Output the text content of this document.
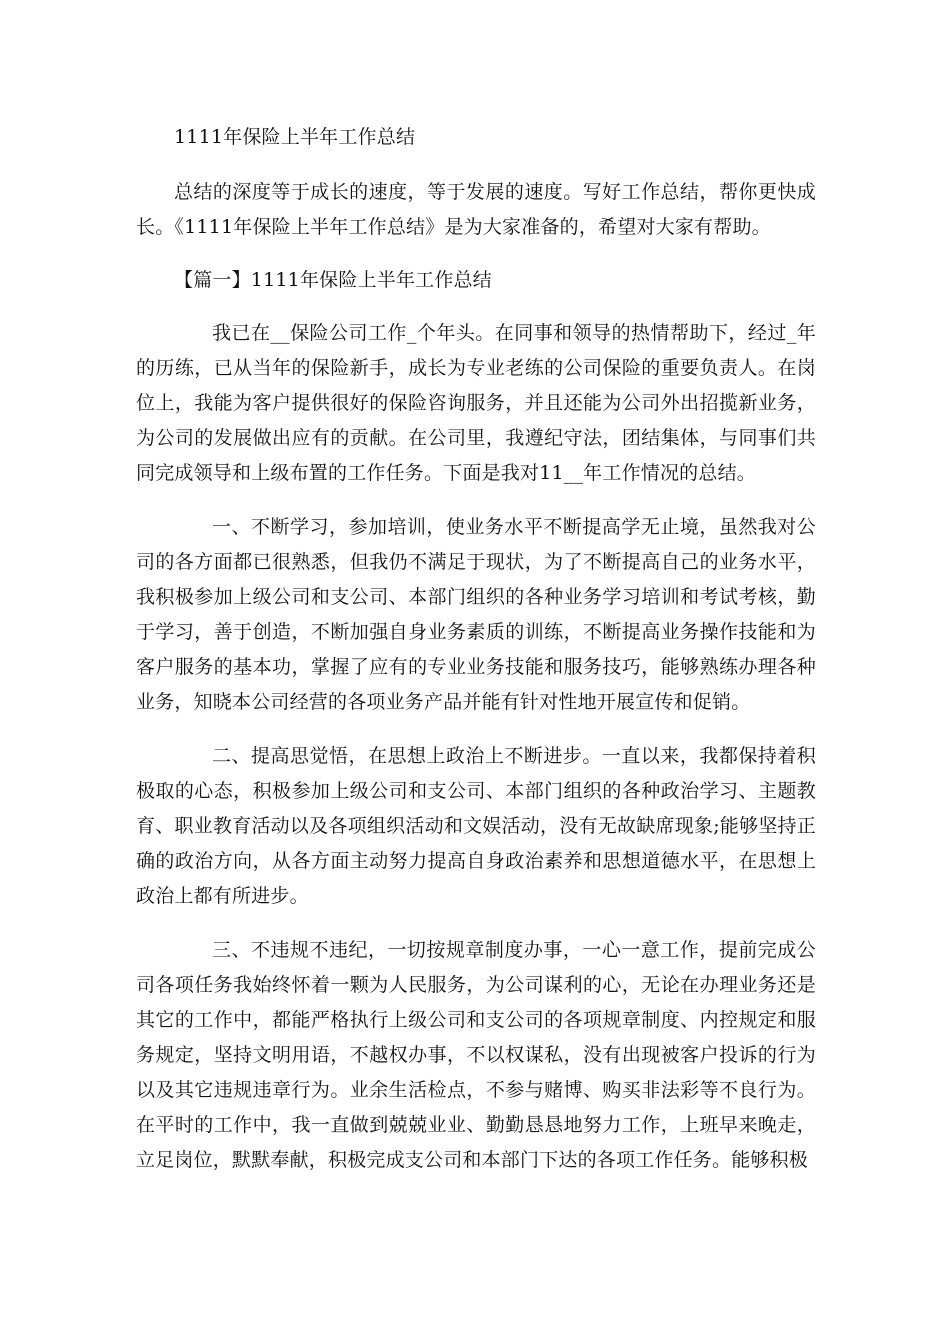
1111年保险上半年工作总结

总结的深度等于成长的速度，等于发展的速度。写好工作总结，帮你更快成长。《1111年保险上半年工作总结》是为大家准备的，希望对大家有帮助。

【篇一】1111年保险上半年工作总结

我已在__保险公司工作_个年头。在同事和领导的热情帮助下，经过_年的历练，已从当年的保险新手，成长为专业老练的公司保险的重要负责人。在岗位上，我能为客户提供很好的保险咨询服务，并且还能为公司外出招揽新业务，为公司的发展做出应有的贡献。在公司里，我遵纪守法，团结集体，与同事们共同完成领导和上级布置的工作任务。下面是我对11__年工作情况的总结。

一、不断学习，参加培训，使业务水平不断提高学无止境，虽然我对公司的各方面都已很熟悉，但我仍不满足于现状，为了不断提高自己的业务水平，我积极参加上级公司和支公司、本部门组织的各种业务学习培训和考试考核，勤于学习，善于创造，不断加强自身业务素质的训练，不断提高业务操作技能和为客户服务的基本功，掌握了应有的专业业务技能和服务技巧，能够熟练办理各种业务，知晓本公司经营的各项业务产品并能有针对性地开展宣传和促销。

二、提高思觉悟，在思想上政治上不断进步。一直以来，我都保持着积极取的心态，积极参加上级公司和支公司、本部门组织的各种政治学习、主题教育、职业教育活动以及各项组织活动和文娱活动，没有无故缺席现象;能够坚持正确的政治方向，从各方面主动努力提高自身政治素养和思想道德水平，在思想上政治上都有所进步。

三、不违规不违纪，一切按规章制度办事，一心一意工作，提前完成公司各项任务我始终怀着一颗为人民服务，为公司谋利的心，无论在办理业务还是其它的工作中，都能严格执行上级公司和支公司的各项规章制度、内控规定和服务规定，坚持文明用语，不越权办事，不以权谋私，没有出现被客户投诉的行为以及其它违规违章行为。业余生活检点，不参与赌博、购买非法彩等不良行为。在平时的工作中，我一直做到兢兢业业、勤勤恳恳地努力工作，上班早来晚走，立足岗位，默默奉献，积极完成支公司和本部门下达的各项工作任务。能够积极
